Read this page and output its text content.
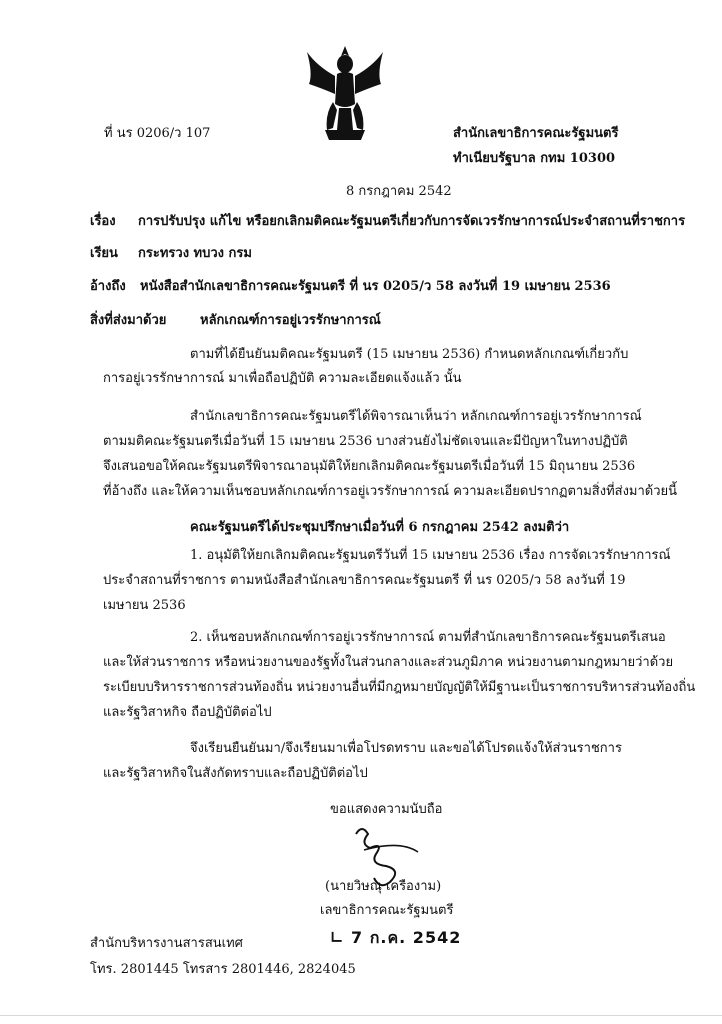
ที่ นร 0206/ว 107	สำนักเลขาธิการคณะรัฐมนตรี
ทำเนียบรัฐบาล กทม 10300
8 กรกฎาคม 2542
เรื่อง การปรับปรุง แก้ไข หรือยกเลิกมติคณะรัฐมนตรีเกี่ยวกับการจัดเวรรักษาการณ์ประจำสถานที่ราชการ
เรียน กระทรวง ทบวง กรม
อ้างถึง หนังสือสำนักเลขาธิการคณะรัฐมนตรี ที่ นร 0205/ว 58 ลงวันที่ 19 เมษายน 2536
สิ่งที่ส่งมาด้วย	หลักเกณฑ์การอยู่เวรรักษาการณ์
ตามที่ได้ยืนยันมติคณะรัฐมนตรี (15 เมษายน 2536) กำหนดหลักเกณฑ์เกี่ยวกับ
การอยู่เวรรักษาการณ์ มาเพื่อถือปฏิบัติ ความละเอียดแจ้งแล้ว นั้น
สำนักเลขาธิการคณะรัฐมนตรีได้พิจารณาเห็นว่า หลักเกณฑ์การอยู่เวรรักษาการณ์
ตามมติคณะรัฐมนตรีเมื่อวันที่ 15 เมษายน 2536 บางส่วนยังไม่ชัดเจนและมีปัญหาในทางปฏิบัติ
จึงเสนอขอให้คณะรัฐมนตรีพิจารณาอนุมัติให้ยกเลิกมติคณะรัฐมนตรีเมื่อวันที่ 15 มิถุนายน 2536
ที่อ้างถึง และให้ความเห็นชอบหลักเกณฑ์การอยู่เวรรักษาการณ์ ความละเอียดปรากฏตามสิ่งที่ส่งมาด้วยนี้
คณะรัฐมนตรีได้ประชุมปรึกษาเมื่อวันที่ 6 กรกฎาคม 2542 ลงมติว่า
1. อนุมัติให้ยกเลิกมติคณะรัฐมนตรีวันที่ 15 เมษายน 2536 เรื่อง การจัดเวรรักษาการณ์
ประจำสถานที่ราชการ ตามหนังสือสำนักเลขาธิการคณะรัฐมนตรี ที่ นร 0205/ว 58 ลงวันที่ 19
เมษายน 2536
2. เห็นชอบหลักเกณฑ์การอยู่เวรรักษาการณ์ ตามที่สำนักเลขาธิการคณะรัฐมนตรีเสนอ
และให้ส่วนราชการ หรือหน่วยงานของรัฐทั้งในส่วนกลางและส่วนภูมิภาค หน่วยงานตามกฎหมายว่าด้วย
ระเบียบบริหารราชการส่วนท้องถิ่น หน่วยงานอื่นที่มีกฎหมายบัญญัติให้มีฐานะเป็นราชการบริหารส่วนท้องถิ่น
และรัฐวิสาหกิจ ถือปฏิบัติต่อไป
จึงเรียนยืนยันมา/จึงเรียนมาเพื่อโปรดทราบ และขอได้โปรดแจ้งให้ส่วนราชการ
และรัฐวิสาหกิจในสังกัดทราบและถือปฏิบัติต่อไป
ขอแสดงความนับถือ
(นายวิษณุ เครืองาม)
เลขาธิการคณะรัฐมนตรี
∟ 7 ก.ค. 2542
สำนักบริหารงานสารสนเทศ
โทร. 2801445 โทรสาร 2801446, 2824045
